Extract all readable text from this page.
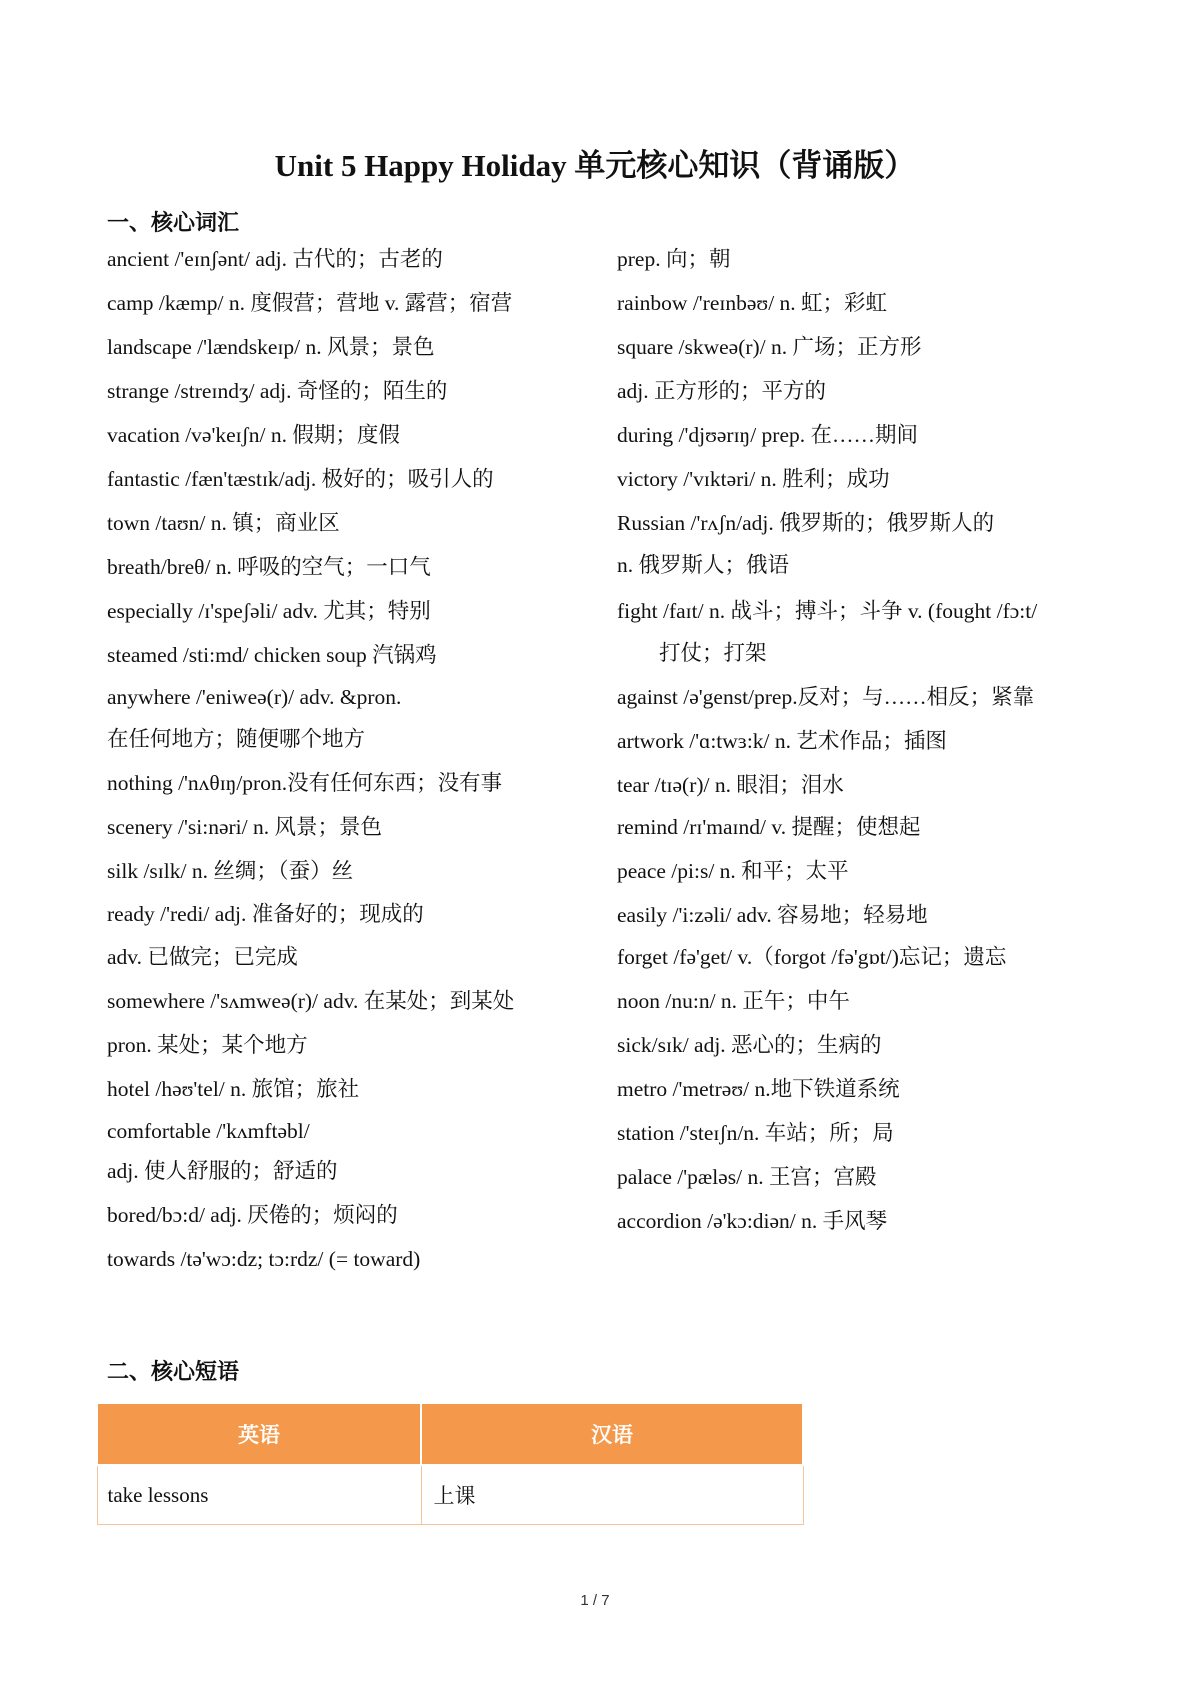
Unit 5 Happy Holiday 单元核心知识（背诵版）
一、核心词汇
ancient /'eɪnʃənt/ adj. 古代的；古老的
camp /kæmp/ n. 度假营；营地 v. 露营；宿营
landscape /'lændskeɪp/ n. 风景；景色
strange /streɪndʒ/ adj. 奇怪的；陌生的
vacation /və'keɪʃn/ n. 假期；度假
fantastic /fæn'tæstɪk/adj. 极好的；吸引人的
town /taʊn/ n. 镇；商业区
breath/breθ/ n. 呼吸的空气；一口气
especially /ɪ'speʃəli/ adv. 尤其；特别
steamed /sti:md/ chicken soup 汽锅鸡
anywhere /'eniweə(r)/ adv. &pron.
在任何地方；随便哪个地方
nothing /'nʌθɪŋ/pron.没有任何东西；没有事
scenery /'si:nəri/ n. 风景；景色
silk /sɪlk/ n. 丝绸；（蚕）丝
ready /'redi/ adj. 准备好的；现成的
adv. 已做完；已完成
somewhere /'sʌmweə(r)/ adv. 在某处；到某处
pron. 某处；某个地方
hotel /həʊ'tel/ n. 旅馆；旅社
comfortable /'kʌmftəbl/
adj. 使人舒服的；舒适的
bored/bɔ:d/ adj. 厌倦的；烦闷的
towards /tə'wɔ:dz; tɔ:rdz/ (= toward)
prep. 向；朝
rainbow /'reɪnbəʊ/ n. 虹；彩虹
square /skweə(r)/ n. 广场；正方形
adj. 正方形的；平方的
during /'djʊərɪŋ/ prep. 在……期间
victory /'vɪktəri/ n. 胜利；成功
Russian /'rʌʃn/adj. 俄罗斯的；俄罗斯人的
n. 俄罗斯人；俄语
fight /faɪt/ n. 战斗；搏斗；斗争 v. (fought /fɔ:t/
打仗；打架
against /ə'genst/prep.反对；与……相反；紧靠
artwork /'ɑ:twɜ:k/ n. 艺术作品；插图
tear /tɪə(r)/ n. 眼泪；泪水
remind /rɪ'maɪnd/ v. 提醒；使想起
peace /pi:s/ n. 和平；太平
easily /'i:zəli/ adv. 容易地；轻易地
forget /fə'get/ v.（forgot /fə'gɒt/)忘记；遗忘
noon /nu:n/ n. 正午；中午
sick/sɪk/ adj. 恶心的；生病的
metro /'metrəʊ/ n.地下铁道系统
station /'steɪʃn/n. 车站；所；局
palace /'pæləs/ n. 王宫；宫殿
accordion /ə'kɔ:diən/ n. 手风琴
二、核心短语
英语	汉语
take lessons	上课
1 / 7
